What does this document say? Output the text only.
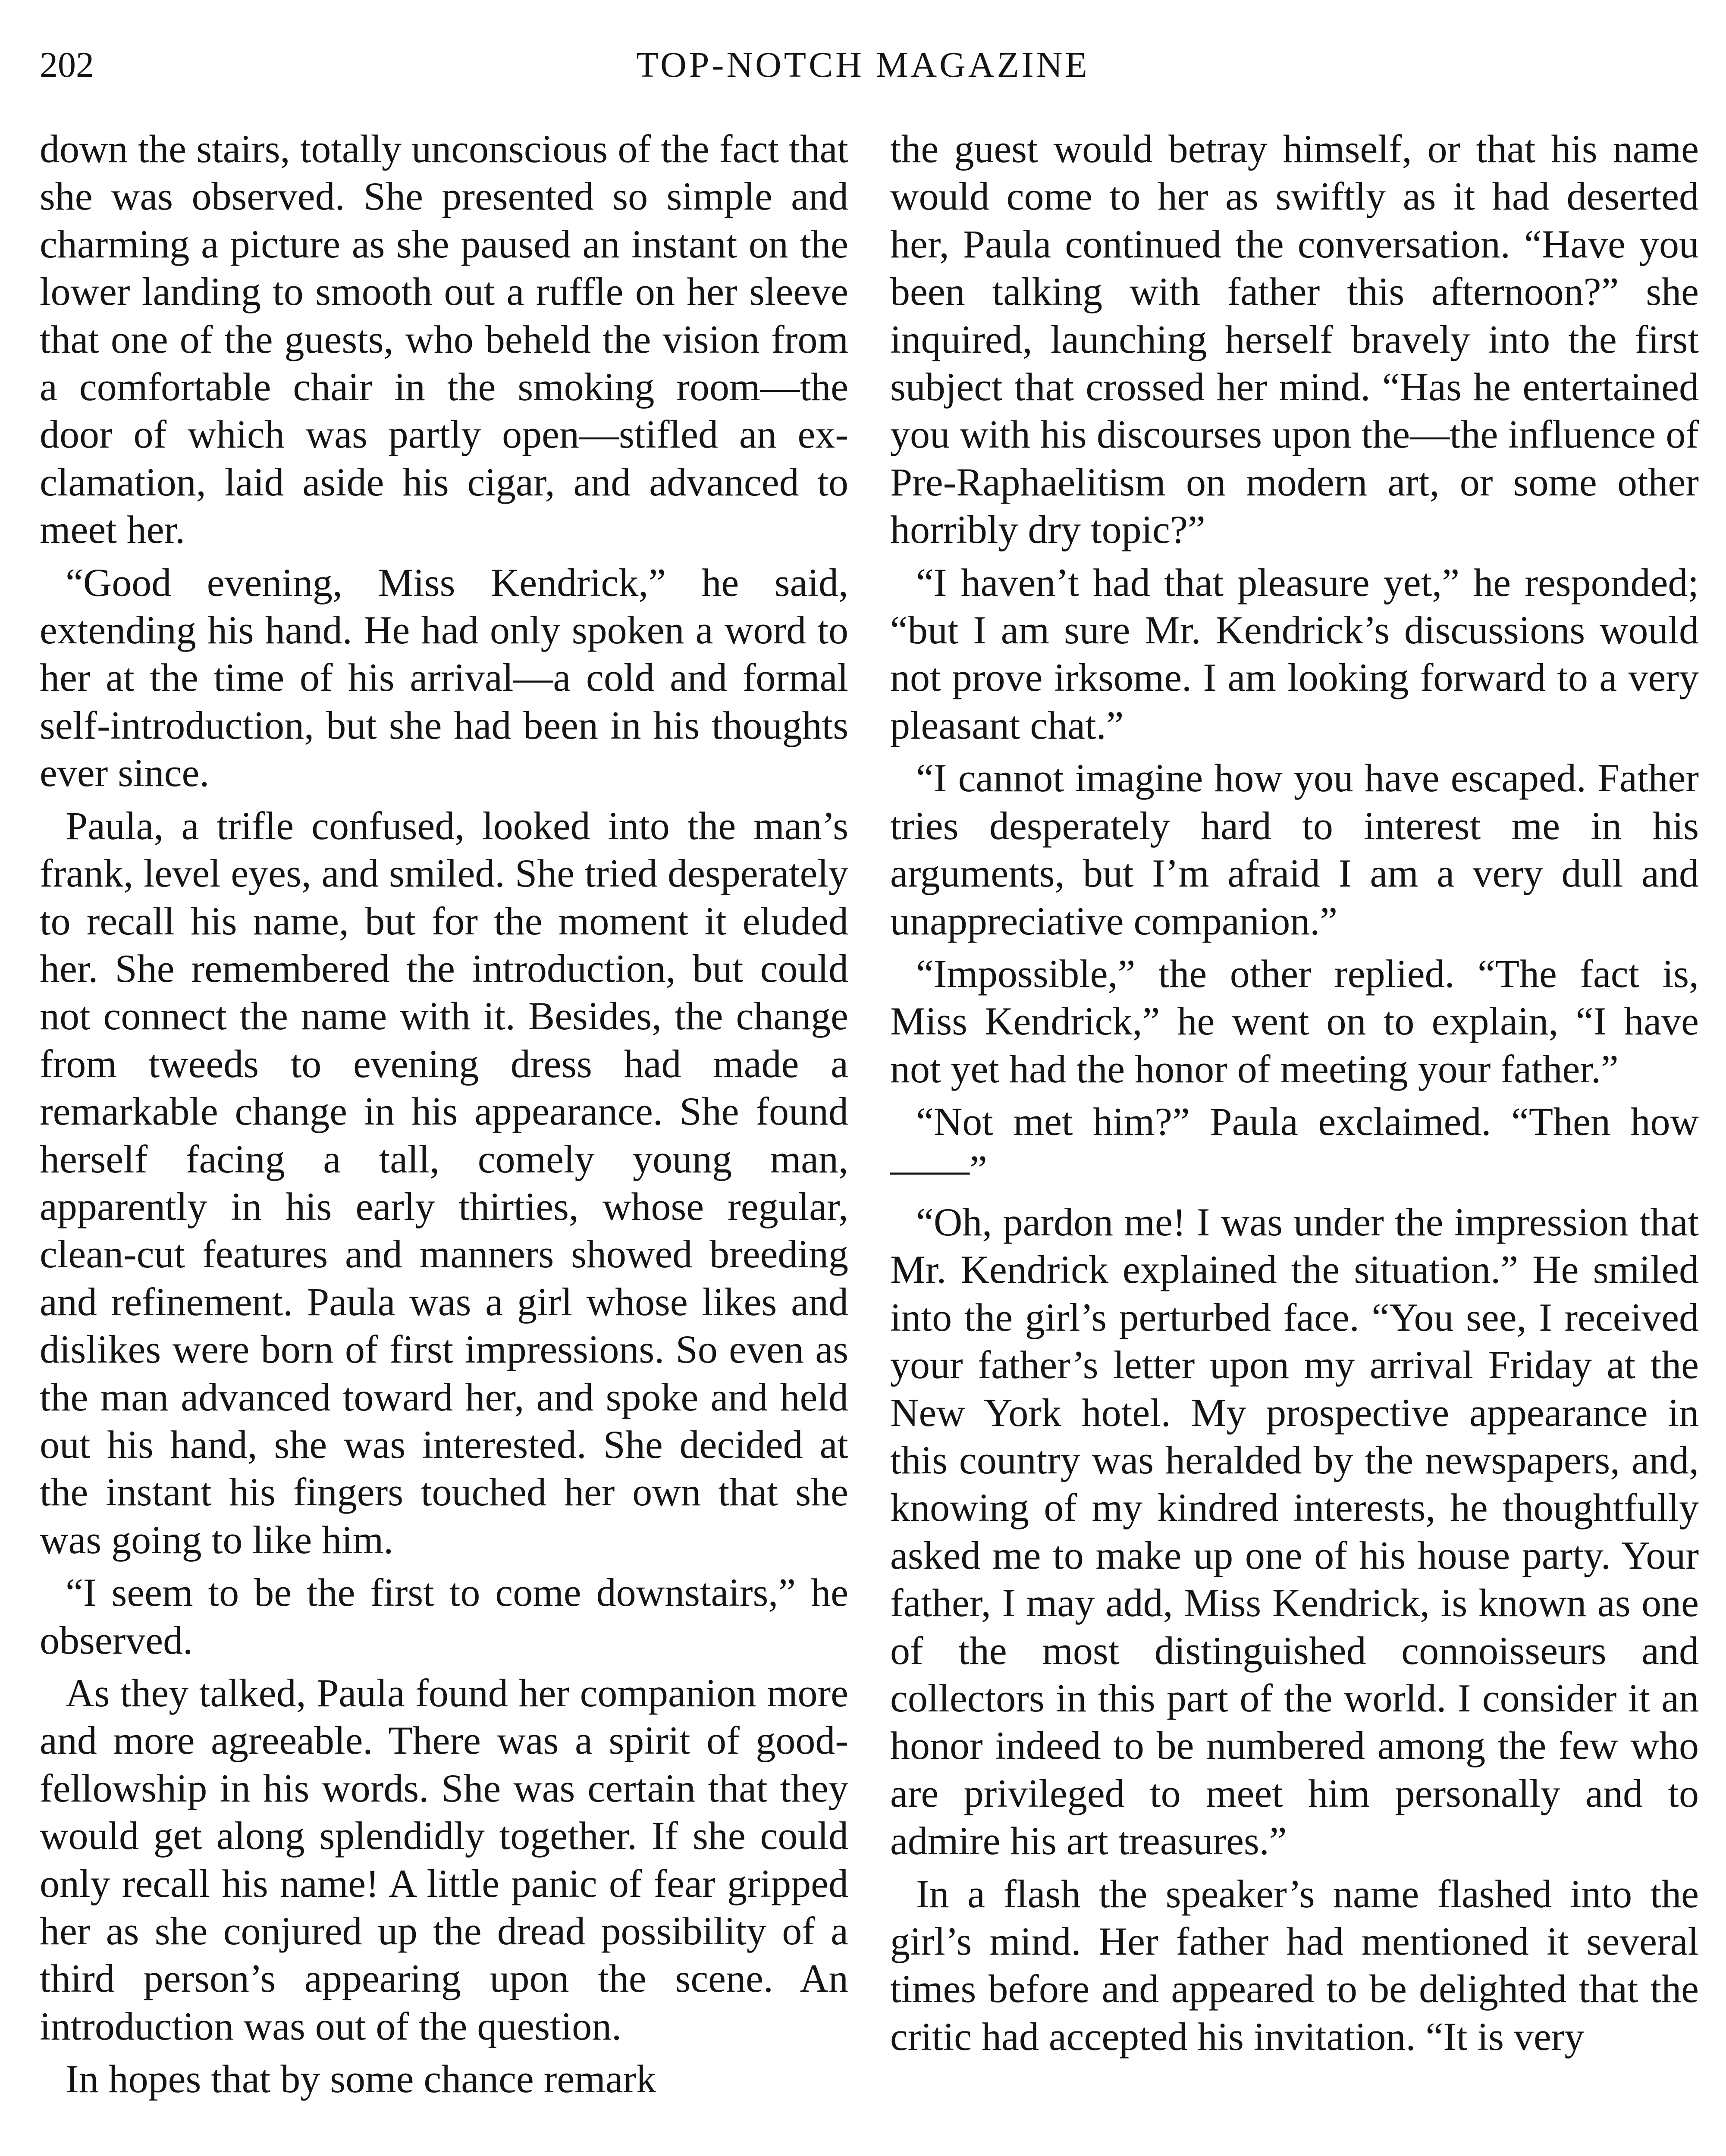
202	TOP-NOTCH MAGAZINE

down the stairs, totally unconscious of the fact that she was observed. She presented so simple and charming a picture as she paused an instant on the lower landing to smooth out a ruffle on her sleeve that one of the guests, who beheld the vision from a comfortable chair in the smoking room—the door of which was partly open—stifled an exclamation, laid aside his cigar, and advanced to meet her.

“Good evening, Miss Kendrick,” he said, extending his hand. He had only spoken a word to her at the time of his arrival—a cold and formal self-introduction, but she had been in his thoughts ever since.

Paula, a trifle confused, looked into the man’s frank, level eyes, and smiled. She tried desperately to recall his name, but for the moment it eluded her. She remembered the introduction, but could not connect the name with it. Besides, the change from tweeds to evening dress had made a remarkable change in his appearance. She found herself facing a tall, comely young man, apparently in his early thirties, whose regular, clean-cut features and manners showed breeding and refinement. Paula was a girl whose likes and dislikes were born of first impressions. So even as the man advanced toward her, and spoke and held out his hand, she was interested. She decided at the instant his fingers touched her own that she was going to like him.

“I seem to be the first to come downstairs,” he observed.

As they talked, Paula found her companion more and more agreeable. There was a spirit of good-fellowship in his words. She was certain that they would get along splendidly together. If she could only recall his name! A little panic of fear gripped her as she conjured up the dread possibility of a third person’s appearing upon the scene. An introduction was out of the question.

In hopes that by some chance remark

the guest would betray himself, or that his name would come to her as swiftly as it had deserted her, Paula continued the conversation. “Have you been talking with father this afternoon?” she inquired, launching herself bravely into the first subject that crossed her mind. “Has he entertained you with his discourses upon the—the influence of Pre-Raphaelitism on modern art, or some other horribly dry topic?”

“I haven’t had that pleasure yet,” he responded; “but I am sure Mr. Kendrick’s discussions would not prove irksome. I am looking forward to a very pleasant chat.”

“I cannot imagine how you have escaped. Father tries desperately hard to interest me in his arguments, but I’m afraid I am a very dull and unappreciative companion.”

“Impossible,” the other replied. “The fact is, Miss Kendrick,” he went on to explain, “I have not yet had the honor of meeting your father.”

“Not met him?” Paula exclaimed. “Then how——”

“Oh, pardon me! I was under the impression that Mr. Kendrick explained the situation.” He smiled into the girl’s perturbed face. “You see, I received your father’s letter upon my arrival Friday at the New York hotel. My prospective appearance in this country was heralded by the newspapers, and, knowing of my kindred interests, he thoughtfully asked me to make up one of his house party. Your father, I may add, Miss Kendrick, is known as one of the most distinguished connoisseurs and collectors in this part of the world. I consider it an honor indeed to be numbered among the few who are privileged to meet him personally and to admire his art treasures.”

In a flash the speaker’s name flashed into the girl’s mind. Her father had mentioned it several times before and appeared to be delighted that the critic had accepted his invitation. “It is very
